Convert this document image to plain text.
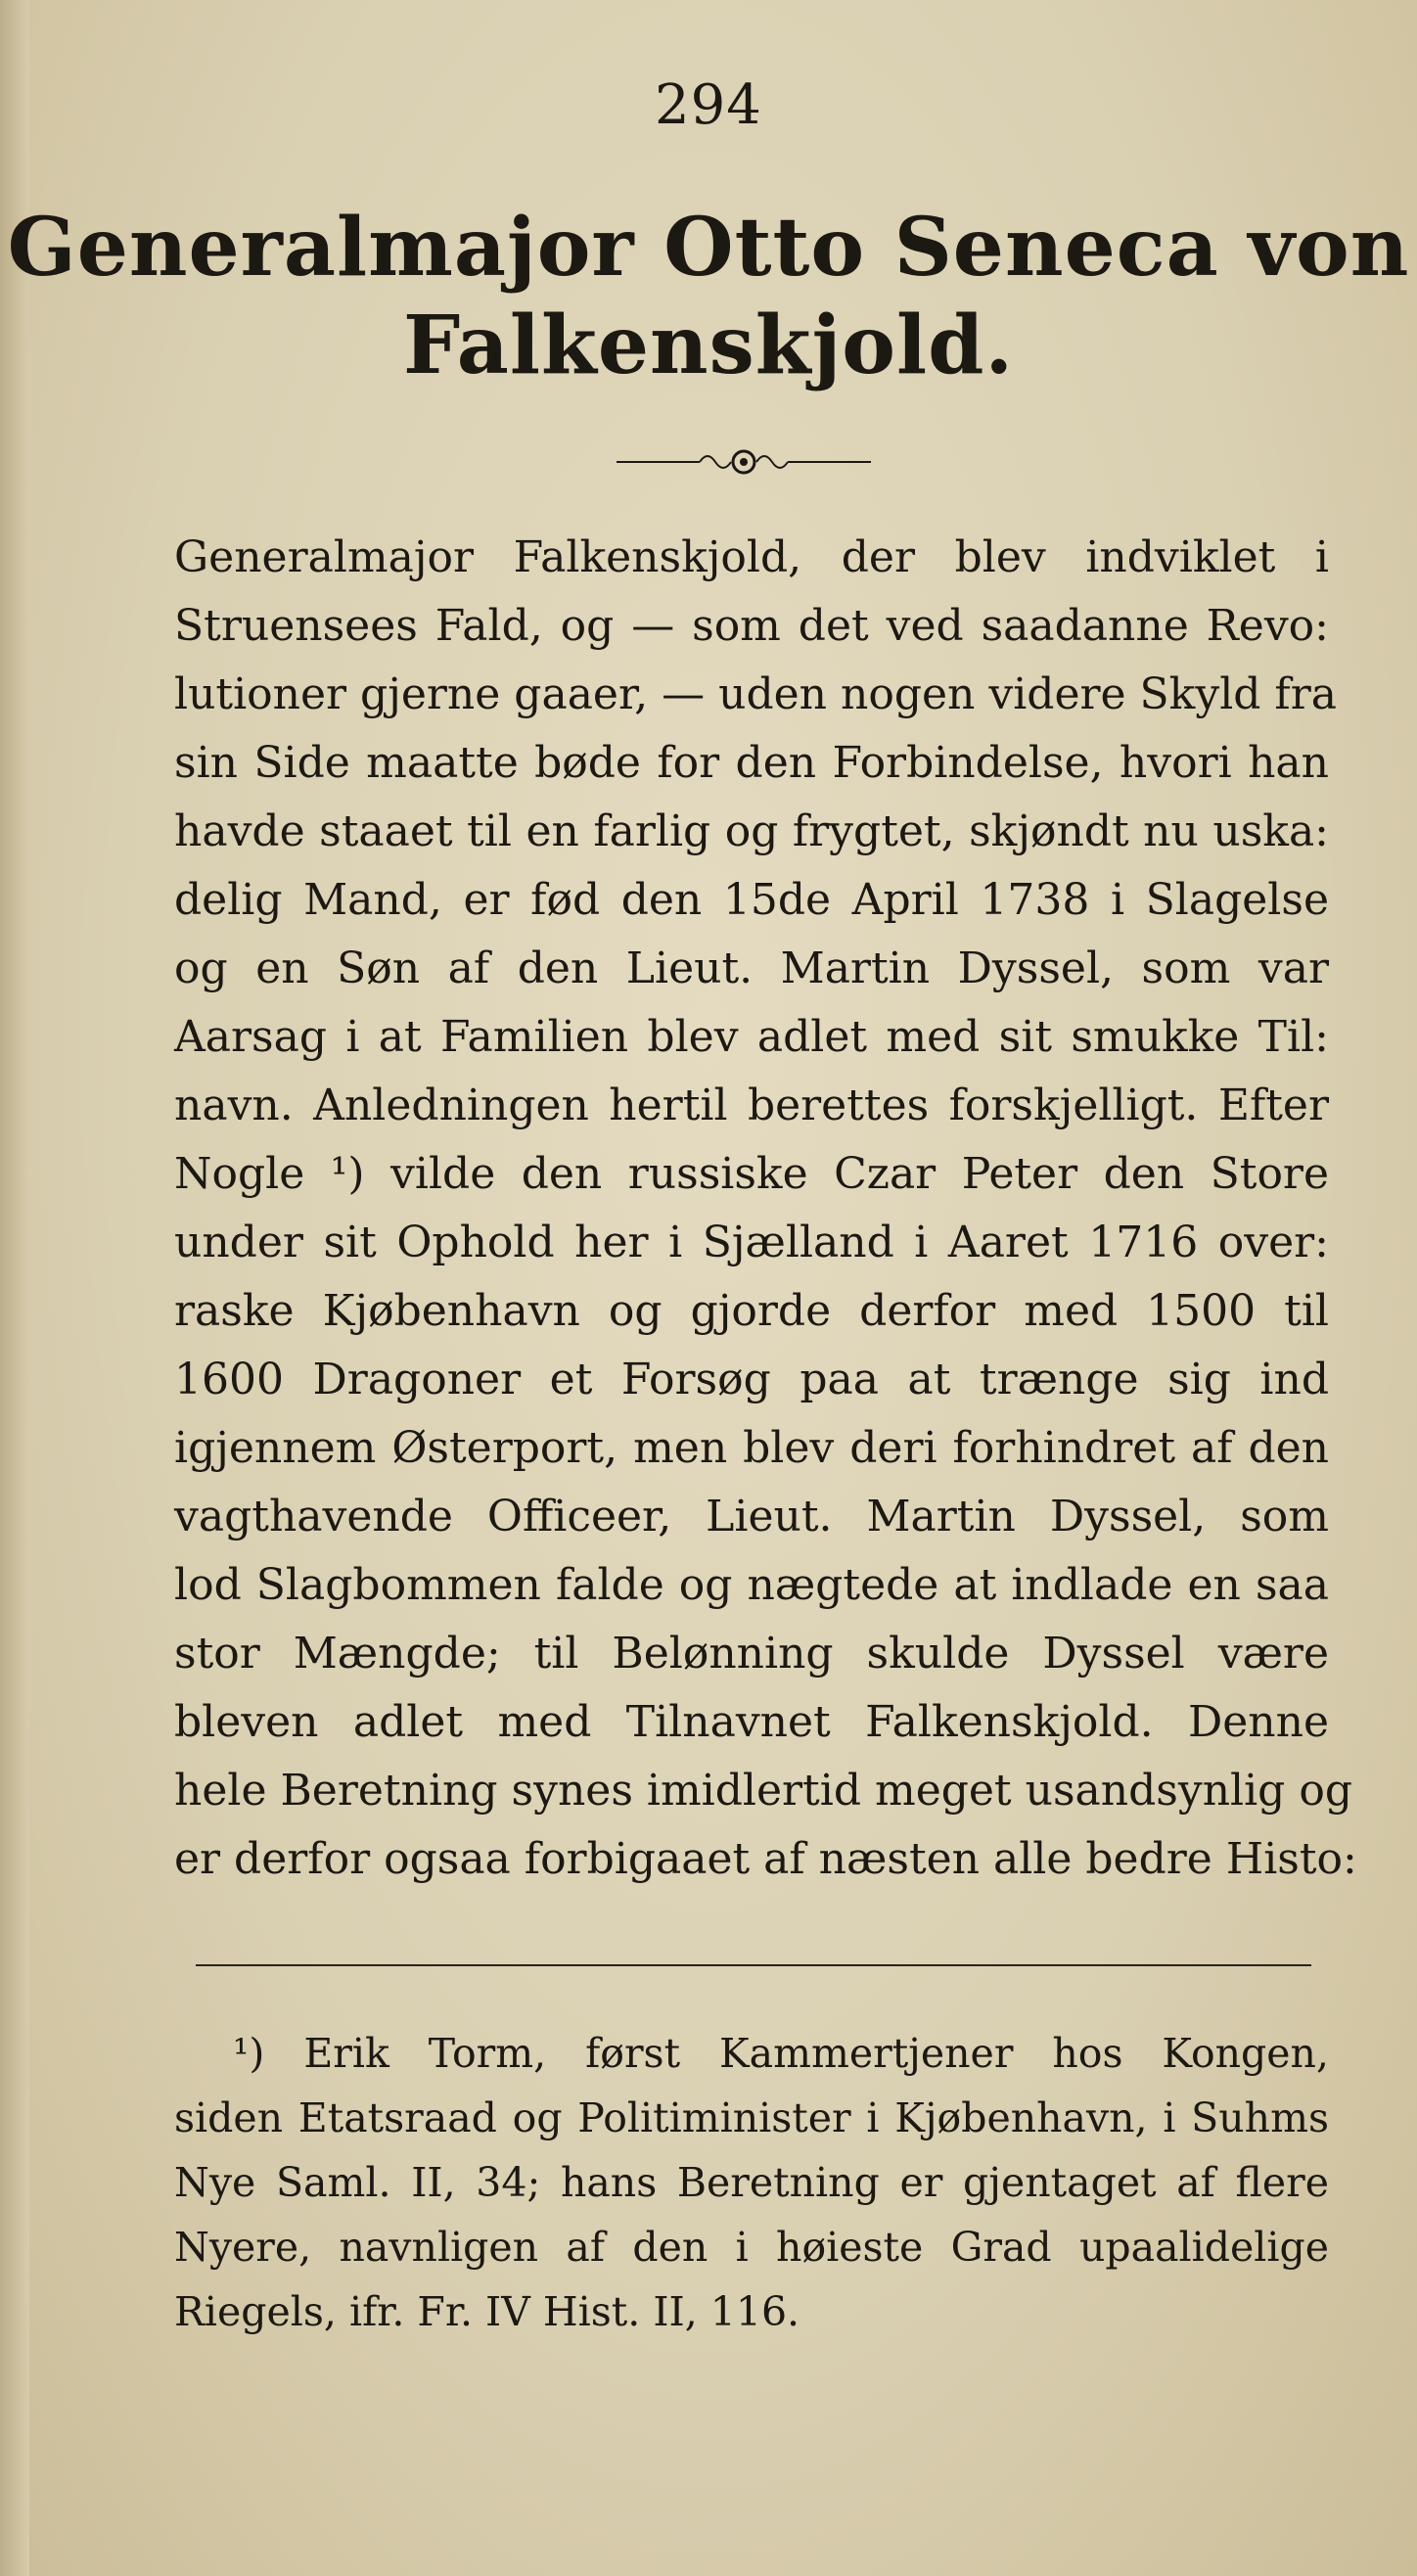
294
Generalmajor Otto Seneca von
Falkenskjold.
Generalmajor Falkenskjold, der blev indviklet i
Struensees Fald, og — som det ved saadanne Revo:
lutioner gjerne gaaer, — uden nogen videre Skyld fra
sin Side maatte bøde for den Forbindelse, hvori han
havde staaet til en farlig og frygtet, skjøndt nu uska:
delig Mand, er fød den 15de April 1738 i Slagelse
og en Søn af den Lieut. Martin Dyssel, som var
Aarsag i at Familien blev adlet med sit smukke Til:
navn. Anledningen hertil berettes forskjelligt. Efter
Nogle ¹) vilde den russiske Czar Peter den Store
under sit Ophold her i Sjælland i Aaret 1716 over:
raske Kjøbenhavn og gjorde derfor med 1500 til
1600 Dragoner et Forsøg paa at trænge sig ind
igjennem Østerport, men blev deri forhindret af den
vagthavende Officeer, Lieut. Martin Dyssel, som
lod Slagbommen falde og nægtede at indlade en saa
stor Mængde; til Belønning skulde Dyssel være
bleven adlet med Tilnavnet Falkenskjold. Denne
hele Beretning synes imidlertid meget usandsynlig og
er derfor ogsaa forbigaaet af næsten alle bedre Histo:
¹) Erik Torm, først Kammertjener hos Kongen,
siden Etatsraad og Politiminister i Kjøbenhavn, i Suhms
Nye Saml. II, 34; hans Beretning er gjentaget af flere
Nyere, navnligen af den i høieste Grad upaalidelige
Riegels, ifr. Fr. IV Hist. II, 116.
